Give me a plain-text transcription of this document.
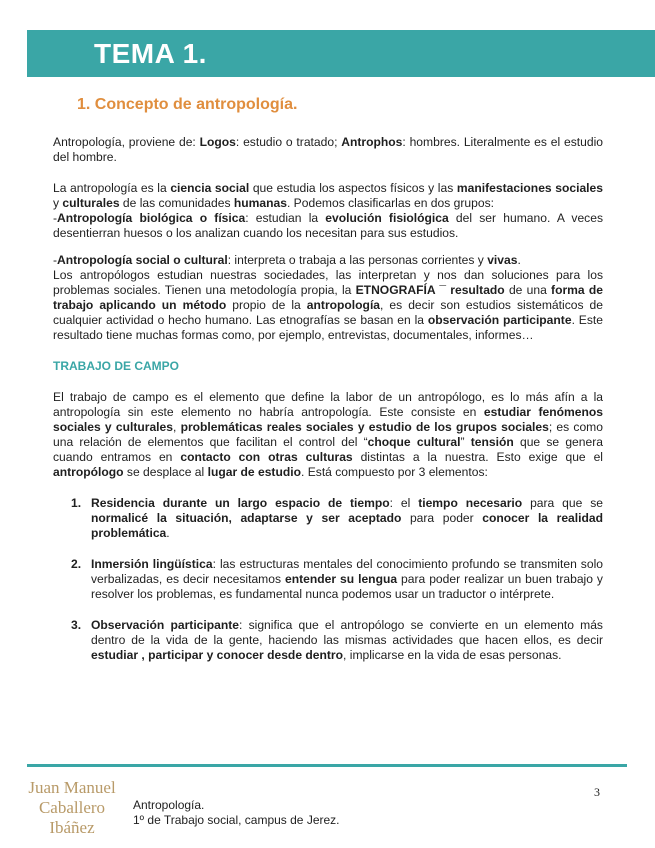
TEMA 1.
1. Concepto de antropología.

Antropología, proviene de: Logos: estudio o tratado; Antrophos: hombres. Literalmente es el estudio del hombre.

La antropología es la ciencia social que estudia los aspectos físicos y las manifestaciones sociales y culturales de las comunidades humanas. Podemos clasificarlas en dos grupos:

-Antropología biológica o física: estudian la evolución fisiológica del ser humano. A veces desentierran huesos o los analizan cuando los necesitan para sus estudios.

-Antropología social o cultural: interpreta o trabaja a las personas corrientes y vivas.

Los antropólogos estudian nuestras sociedades, las interpretan y nos dan soluciones para los problemas sociales. Tienen una metodología propia, la ETNOGRAFÍA ¯ resultado de una forma de trabajo aplicando un método propio de la antropología, es decir son estudios sistemáticos de cualquier actividad o hecho humano. Las etnografías se basan en la observación participante. Este resultado tiene muchas formas como, por ejemplo, entrevistas, documentales, informes…

TRABAJO DE CAMPO

El trabajo de campo es el elemento que define la labor de un antropólogo, es lo más afín a la antropología sin este elemento no habría antropología. Este consiste en estudiar fenómenos sociales y culturales, problemáticas reales sociales y estudio de los grupos sociales; es como una relación de elementos que facilitan el control del “choque cultural” tensión que se genera cuando entramos en contacto con otras culturas distintas a la nuestra. Esto exige que el antropólogo se desplace al lugar de estudio. Está compuesto por 3 elementos:

1. Residencia durante un largo espacio de tiempo: el tiempo necesario para que se normalicé la situación, adaptarse y ser aceptado para poder conocer la realidad problemática.
2. Inmersión lingüística: las estructuras mentales del conocimiento profundo se transmiten solo verbalizadas, es decir necesitamos entender su lengua para poder realizar un buen trabajo y resolver los problemas, es fundamental nunca podemos usar un traductor o intérprete.
3. Observación participante: significa que el antropólogo se convierte en un elemento más dentro de la vida de la gente, haciendo las mismas actividades que hacen ellos, es decir estudiar , participar y conocer desde dentro, implicarse en la vida de esas personas.
Juan Manuel
Caballero
Ibáñez
Antropología.
1º de Trabajo social, campus de Jerez.
3
